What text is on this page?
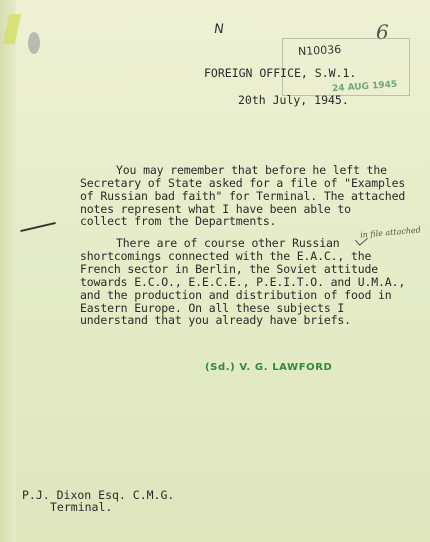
N	6
N10036
24 AUG 1945
FOREIGN OFFICE, S.W.1.
20th July, 1945.
You may remember that before he left the
Secretary of State asked for a file of "Examples
of Russian bad faith" for Terminal. The attached
notes represent what I have been able to
collect from the Departments.
There are of course other Russian
shortcomings connected with the E.A.C., the
French sector in Berlin, the Soviet attitude
towards E.C.O., E.E.C.E., P.E.I.T.O. and U.M.A.,
and the production and distribution of food in
Eastern Europe. On all these subjects I
understand that you already have briefs.
in file attached
(Sd.) V. G. LAWFORD
P.J. Dixon Esq. C.M.G.
Terminal.
